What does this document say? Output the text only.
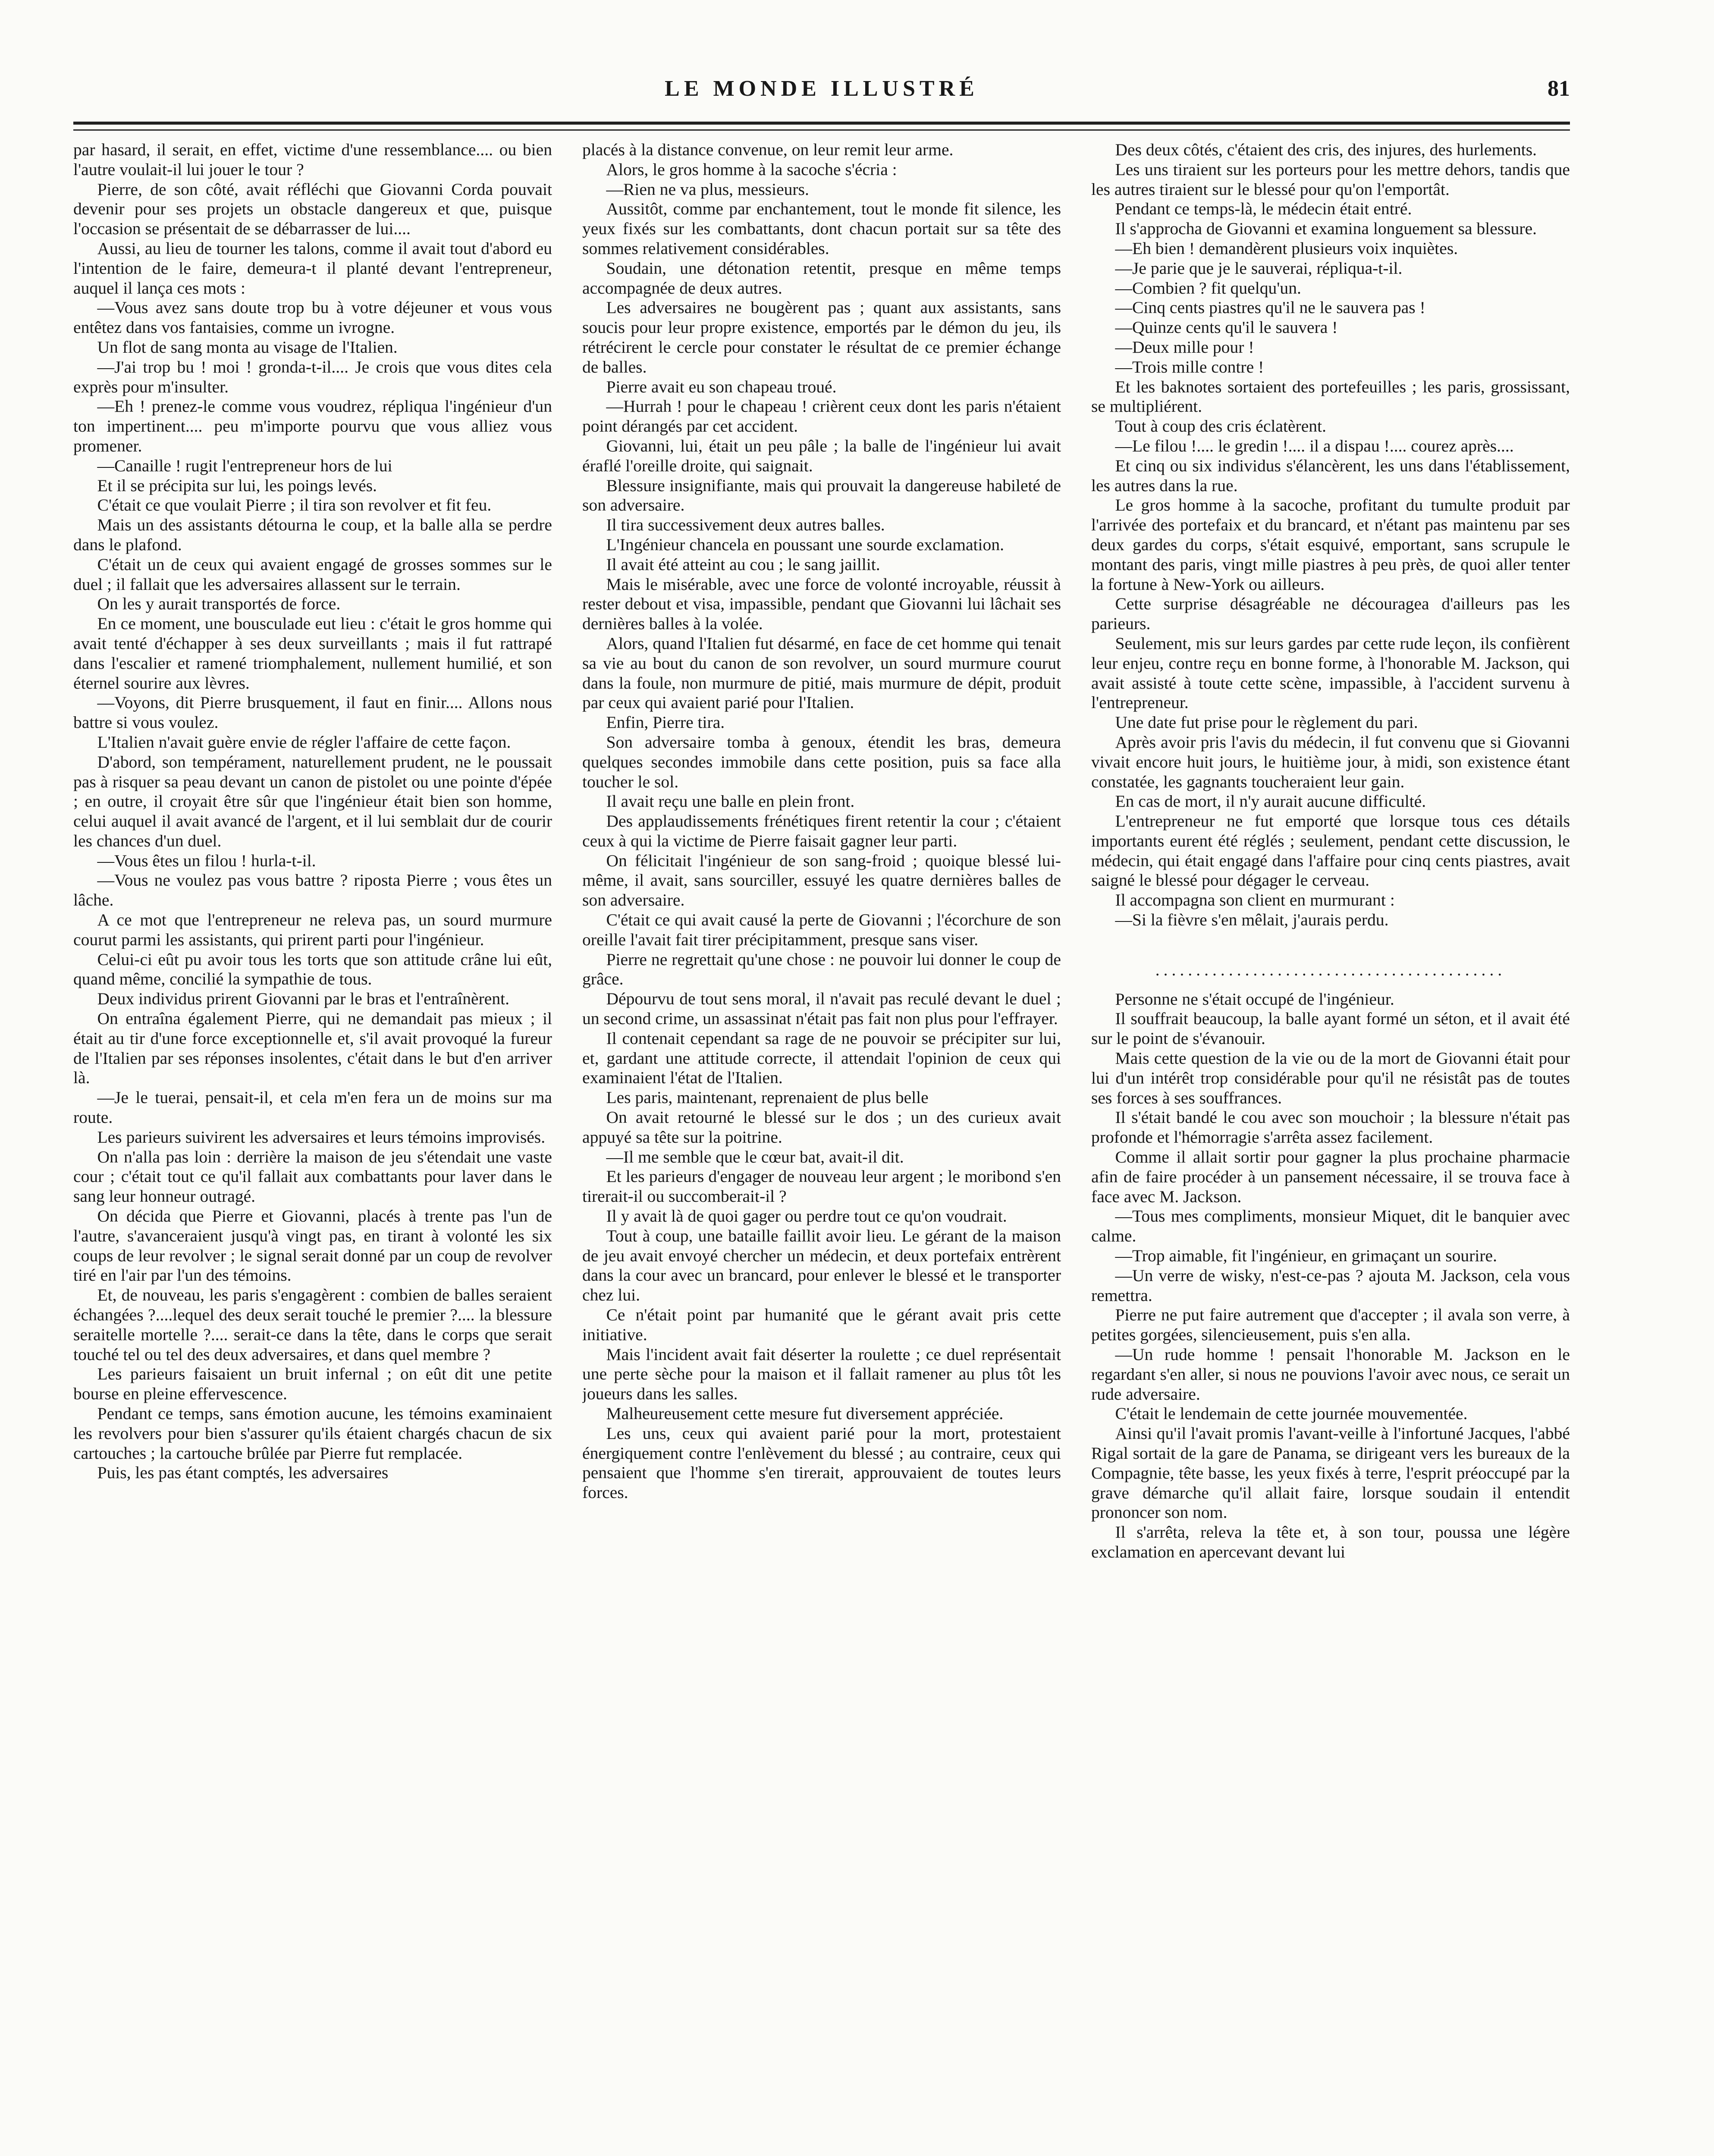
LE MONDE ILLUSTRÉ	81

par hasard, il serait, en effet, victime d'une ressemblance.... ou bien l'autre voulait-il lui jouer le tour ?

Pierre, de son côté, avait réfléchi que Giovanni Corda pouvait devenir pour ses projets un obstacle dangereux et que, puisque l'occasion se présentait de se débarrasser de lui....

Aussi, au lieu de tourner les talons, comme il avait tout d'abord eu l'intention de le faire, demeura-t il planté devant l'entrepreneur, auquel il lança ces mots :

—Vous avez sans doute trop bu à votre déjeuner et vous vous entêtez dans vos fantaisies, comme un ivrogne.

Un flot de sang monta au visage de l'Italien.

—J'ai trop bu ! moi ! gronda-t-il.... Je crois que vous dites cela exprès pour m'insulter.

—Eh ! prenez-le comme vous voudrez, répliqua l'ingénieur d'un ton impertinent.... peu m'importe pourvu que vous alliez vous promener.

—Canaille ! rugit l'entrepreneur hors de lui

Et il se précipita sur lui, les poings levés.

C'était ce que voulait Pierre ; il tira son revolver et fit feu.

Mais un des assistants détourna le coup, et la balle alla se perdre dans le plafond.

C'était un de ceux qui avaient engagé de grosses sommes sur le duel ; il fallait que les adversaires allassent sur le terrain.

On les y aurait transportés de force.

En ce moment, une bousculade eut lieu : c'était le gros homme qui avait tenté d'échapper à ses deux surveillants ; mais il fut rattrapé dans l'escalier et ramené triomphalement, nullement humilié, et son éternel sourire aux lèvres.

—Voyons, dit Pierre brusquement, il faut en finir.... Allons nous battre si vous voulez.

L'Italien n'avait guère envie de régler l'affaire de cette façon.

D'abord, son tempérament, naturellement prudent, ne le poussait pas à risquer sa peau devant un canon de pistolet ou une pointe d'épée ; en outre, il croyait être sûr que l'ingénieur était bien son homme, celui auquel il avait avancé de l'argent, et il lui semblait dur de courir les chances d'un duel.

—Vous êtes un filou ! hurla-t-il.

—Vous ne voulez pas vous battre ? riposta Pierre ; vous êtes un lâche.

A ce mot que l'entrepreneur ne releva pas, un sourd murmure courut parmi les assistants, qui prirent parti pour l'ingénieur.

Celui-ci eût pu avoir tous les torts que son attitude crâne lui eût, quand même, concilié la sympathie de tous.

Deux individus prirent Giovanni par le bras et l'entraînèrent.

On entraîna également Pierre, qui ne demandait pas mieux ; il était au tir d'une force exceptionnelle et, s'il avait provoqué la fureur de l'Italien par ses réponses insolentes, c'était dans le but d'en arriver là.

—Je le tuerai, pensait-il, et cela m'en fera un de moins sur ma route.

Les parieurs suivirent les adversaires et leurs témoins improvisés.

On n'alla pas loin : derrière la maison de jeu s'étendait une vaste cour ; c'était tout ce qu'il fallait aux combattants pour laver dans le sang leur honneur outragé.

On décida que Pierre et Giovanni, placés à trente pas l'un de l'autre, s'avanceraient jusqu'à vingt pas, en tirant à volonté les six coups de leur revolver ; le signal serait donné par un coup de revolver tiré en l'air par l'un des témoins.

Et, de nouveau, les paris s'engagèrent : combien de balles seraient échangées ?....lequel des deux serait touché le premier ?.... la blessure seraitelle mortelle ?.... serait-ce dans la tête, dans le corps que serait touché tel ou tel des deux adversaires, et dans quel membre ?

Les parieurs faisaient un bruit infernal ; on eût dit une petite bourse en pleine effervescence.

Pendant ce temps, sans émotion aucune, les témoins examinaient les revolvers pour bien s'assurer qu'ils étaient chargés chacun de six cartouches ; la cartouche brûlée par Pierre fut remplacée.

Puis, les pas étant comptés, les adversaires

placés à la distance convenue, on leur remit leur arme.

Alors, le gros homme à la sacoche s'écria :

—Rien ne va plus, messieurs.

Aussitôt, comme par enchantement, tout le monde fit silence, les yeux fixés sur les combattants, dont chacun portait sur sa tête des sommes relativement considérables.

Soudain, une détonation retentit, presque en même temps accompagnée de deux autres.

Les adversaires ne bougèrent pas ; quant aux assistants, sans soucis pour leur propre existence, emportés par le démon du jeu, ils rétrécirent le cercle pour constater le résultat de ce premier échange de balles.

Pierre avait eu son chapeau troué.

—Hurrah ! pour le chapeau ! crièrent ceux dont les paris n'étaient point dérangés par cet accident.

Giovanni, lui, était un peu pâle ; la balle de l'ingénieur lui avait éraflé l'oreille droite, qui saignait.

Blessure insignifiante, mais qui prouvait la dangereuse habileté de son adversaire.

Il tira successivement deux autres balles.

L'Ingénieur chancela en poussant une sourde exclamation.

Il avait été atteint au cou ; le sang jaillit.

Mais le misérable, avec une force de volonté incroyable, réussit à rester debout et visa, impassible, pendant que Giovanni lui lâchait ses dernières balles à la volée.

Alors, quand l'Italien fut désarmé, en face de cet homme qui tenait sa vie au bout du canon de son revolver, un sourd murmure courut dans la foule, non murmure de pitié, mais murmure de dépit, produit par ceux qui avaient parié pour l'Italien.

Enfin, Pierre tira.

Son adversaire tomba à genoux, étendit les bras, demeura quelques secondes immobile dans cette position, puis sa face alla toucher le sol.

Il avait reçu une balle en plein front.

Des applaudissements frénétiques firent retentir la cour ; c'étaient ceux à qui la victime de Pierre faisait gagner leur parti.

On félicitait l'ingénieur de son sang-froid ; quoique blessé lui-même, il avait, sans sourciller, essuyé les quatre dernières balles de son adversaire.

C'était ce qui avait causé la perte de Giovanni ; l'écorchure de son oreille l'avait fait tirer précipitamment, presque sans viser.

Pierre ne regrettait qu'une chose : ne pouvoir lui donner le coup de grâce.

Dépourvu de tout sens moral, il n'avait pas reculé devant le duel ; un second crime, un assassinat n'était pas fait non plus pour l'effrayer.

Il contenait cependant sa rage de ne pouvoir se précipiter sur lui, et, gardant une attitude correcte, il attendait l'opinion de ceux qui examinaient l'état de l'Italien.

Les paris, maintenant, reprenaient de plus belle

On avait retourné le blessé sur le dos ; un des curieux avait appuyé sa tête sur la poitrine.

—Il me semble que le cœur bat, avait-il dit.

Et les parieurs d'engager de nouveau leur argent ; le moribond s'en tirerait-il ou succomberait-il ?

Il y avait là de quoi gager ou perdre tout ce qu'on voudrait.

Tout à coup, une bataille faillit avoir lieu. Le gérant de la maison de jeu avait envoyé chercher un médecin, et deux portefaix entrèrent dans la cour avec un brancard, pour enlever le blessé et le transporter chez lui.

Ce n'était point par humanité que le gérant avait pris cette initiative.

Mais l'incident avait fait déserter la roulette ; ce duel représentait une perte sèche pour la maison et il fallait ramener au plus tôt les joueurs dans les salles.

Malheureusement cette mesure fut diversement appréciée.

Les uns, ceux qui avaient parié pour la mort, protestaient énergiquement contre l'enlèvement du blessé ; au contraire, ceux qui pensaient que l'homme s'en tirerait, approuvaient de toutes leurs forces.

Des deux côtés, c'étaient des cris, des injures, des hurlements.

Les uns tiraient sur les porteurs pour les mettre dehors, tandis que les autres tiraient sur le blessé pour qu'on l'emportât.

Pendant ce temps-là, le médecin était entré.

Il s'approcha de Giovanni et examina longuement sa blessure.

—Eh bien ! demandèrent plusieurs voix inquiètes.

—Je parie que je le sauverai, répliqua-t-il.

—Combien ? fit quelqu'un.

—Cinq cents piastres qu'il ne le sauvera pas !

—Quinze cents qu'il le sauvera !

—Deux mille pour !

—Trois mille contre !

Et les baknotes sortaient des portefeuilles ; les paris, grossissant, se multipliérent.

Tout à coup des cris éclatèrent.

—Le filou !.... le gredin !.... il a dispau !.... courez après....

Et cinq ou six individus s'élancèrent, les uns dans l'établissement, les autres dans la rue.

Le gros homme à la sacoche, profitant du tumulte produit par l'arrivée des portefaix et du brancard, et n'étant pas maintenu par ses deux gardes du corps, s'était esquivé, emportant, sans scrupule le montant des paris, vingt mille piastres à peu près, de quoi aller tenter la fortune à New-York ou ailleurs.

Cette surprise désagréable ne découragea d'ailleurs pas les parieurs.

Seulement, mis sur leurs gardes par cette rude leçon, ils confièrent leur enjeu, contre reçu en bonne forme, à l'honorable M. Jackson, qui avait assisté à toute cette scène, impassible, à l'accident survenu à l'entrepreneur.

Une date fut prise pour le règlement du pari.

Après avoir pris l'avis du médecin, il fut convenu que si Giovanni vivait encore huit jours, le huitième jour, à midi, son existence étant constatée, les gagnants toucheraient leur gain.

En cas de mort, il n'y aurait aucune difficulté.

L'entrepreneur ne fut emporté que lorsque tous ces détails importants eurent été réglés ; seulement, pendant cette discussion, le médecin, qui était engagé dans l'affaire pour cinq cents piastres, avait saigné le blessé pour dégager le cerveau.

Il accompagna son client en murmurant :

—Si la fièvre s'en mêlait, j'aurais perdu.

...........................................

Personne ne s'était occupé de l'ingénieur.

Il souffrait beaucoup, la balle ayant formé un séton, et il avait été sur le point de s'évanouir.

Mais cette question de la vie ou de la mort de Giovanni était pour lui d'un intérêt trop considérable pour qu'il ne résistât pas de toutes ses forces à ses souffrances.

Il s'était bandé le cou avec son mouchoir ; la blessure n'était pas profonde et l'hémorragie s'arrêta assez facilement.

Comme il allait sortir pour gagner la plus prochaine pharmacie afin de faire procéder à un pansement nécessaire, il se trouva face à face avec M. Jackson.

—Tous mes compliments, monsieur Miquet, dit le banquier avec calme.

—Trop aimable, fit l'ingénieur, en grimaçant un sourire.

—Un verre de wisky, n'est-ce-pas ? ajouta M. Jackson, cela vous remettra.

Pierre ne put faire autrement que d'accepter ; il avala son verre, à petites gorgées, silencieusement, puis s'en alla.

—Un rude homme ! pensait l'honorable M. Jackson en le regardant s'en aller, si nous ne pouvions l'avoir avec nous, ce serait un rude adversaire.

C'était le lendemain de cette journée mouvementée.

Ainsi qu'il l'avait promis l'avant-veille à l'infortuné Jacques, l'abbé Rigal sortait de la gare de Panama, se dirigeant vers les bureaux de la Compagnie, tête basse, les yeux fixés à terre, l'esprit préoccupé par la grave démarche qu'il allait faire, lorsque soudain il entendit prononcer son nom.

Il s'arrêta, releva la tête et, à son tour, poussa une légère exclamation en apercevant devant lui
